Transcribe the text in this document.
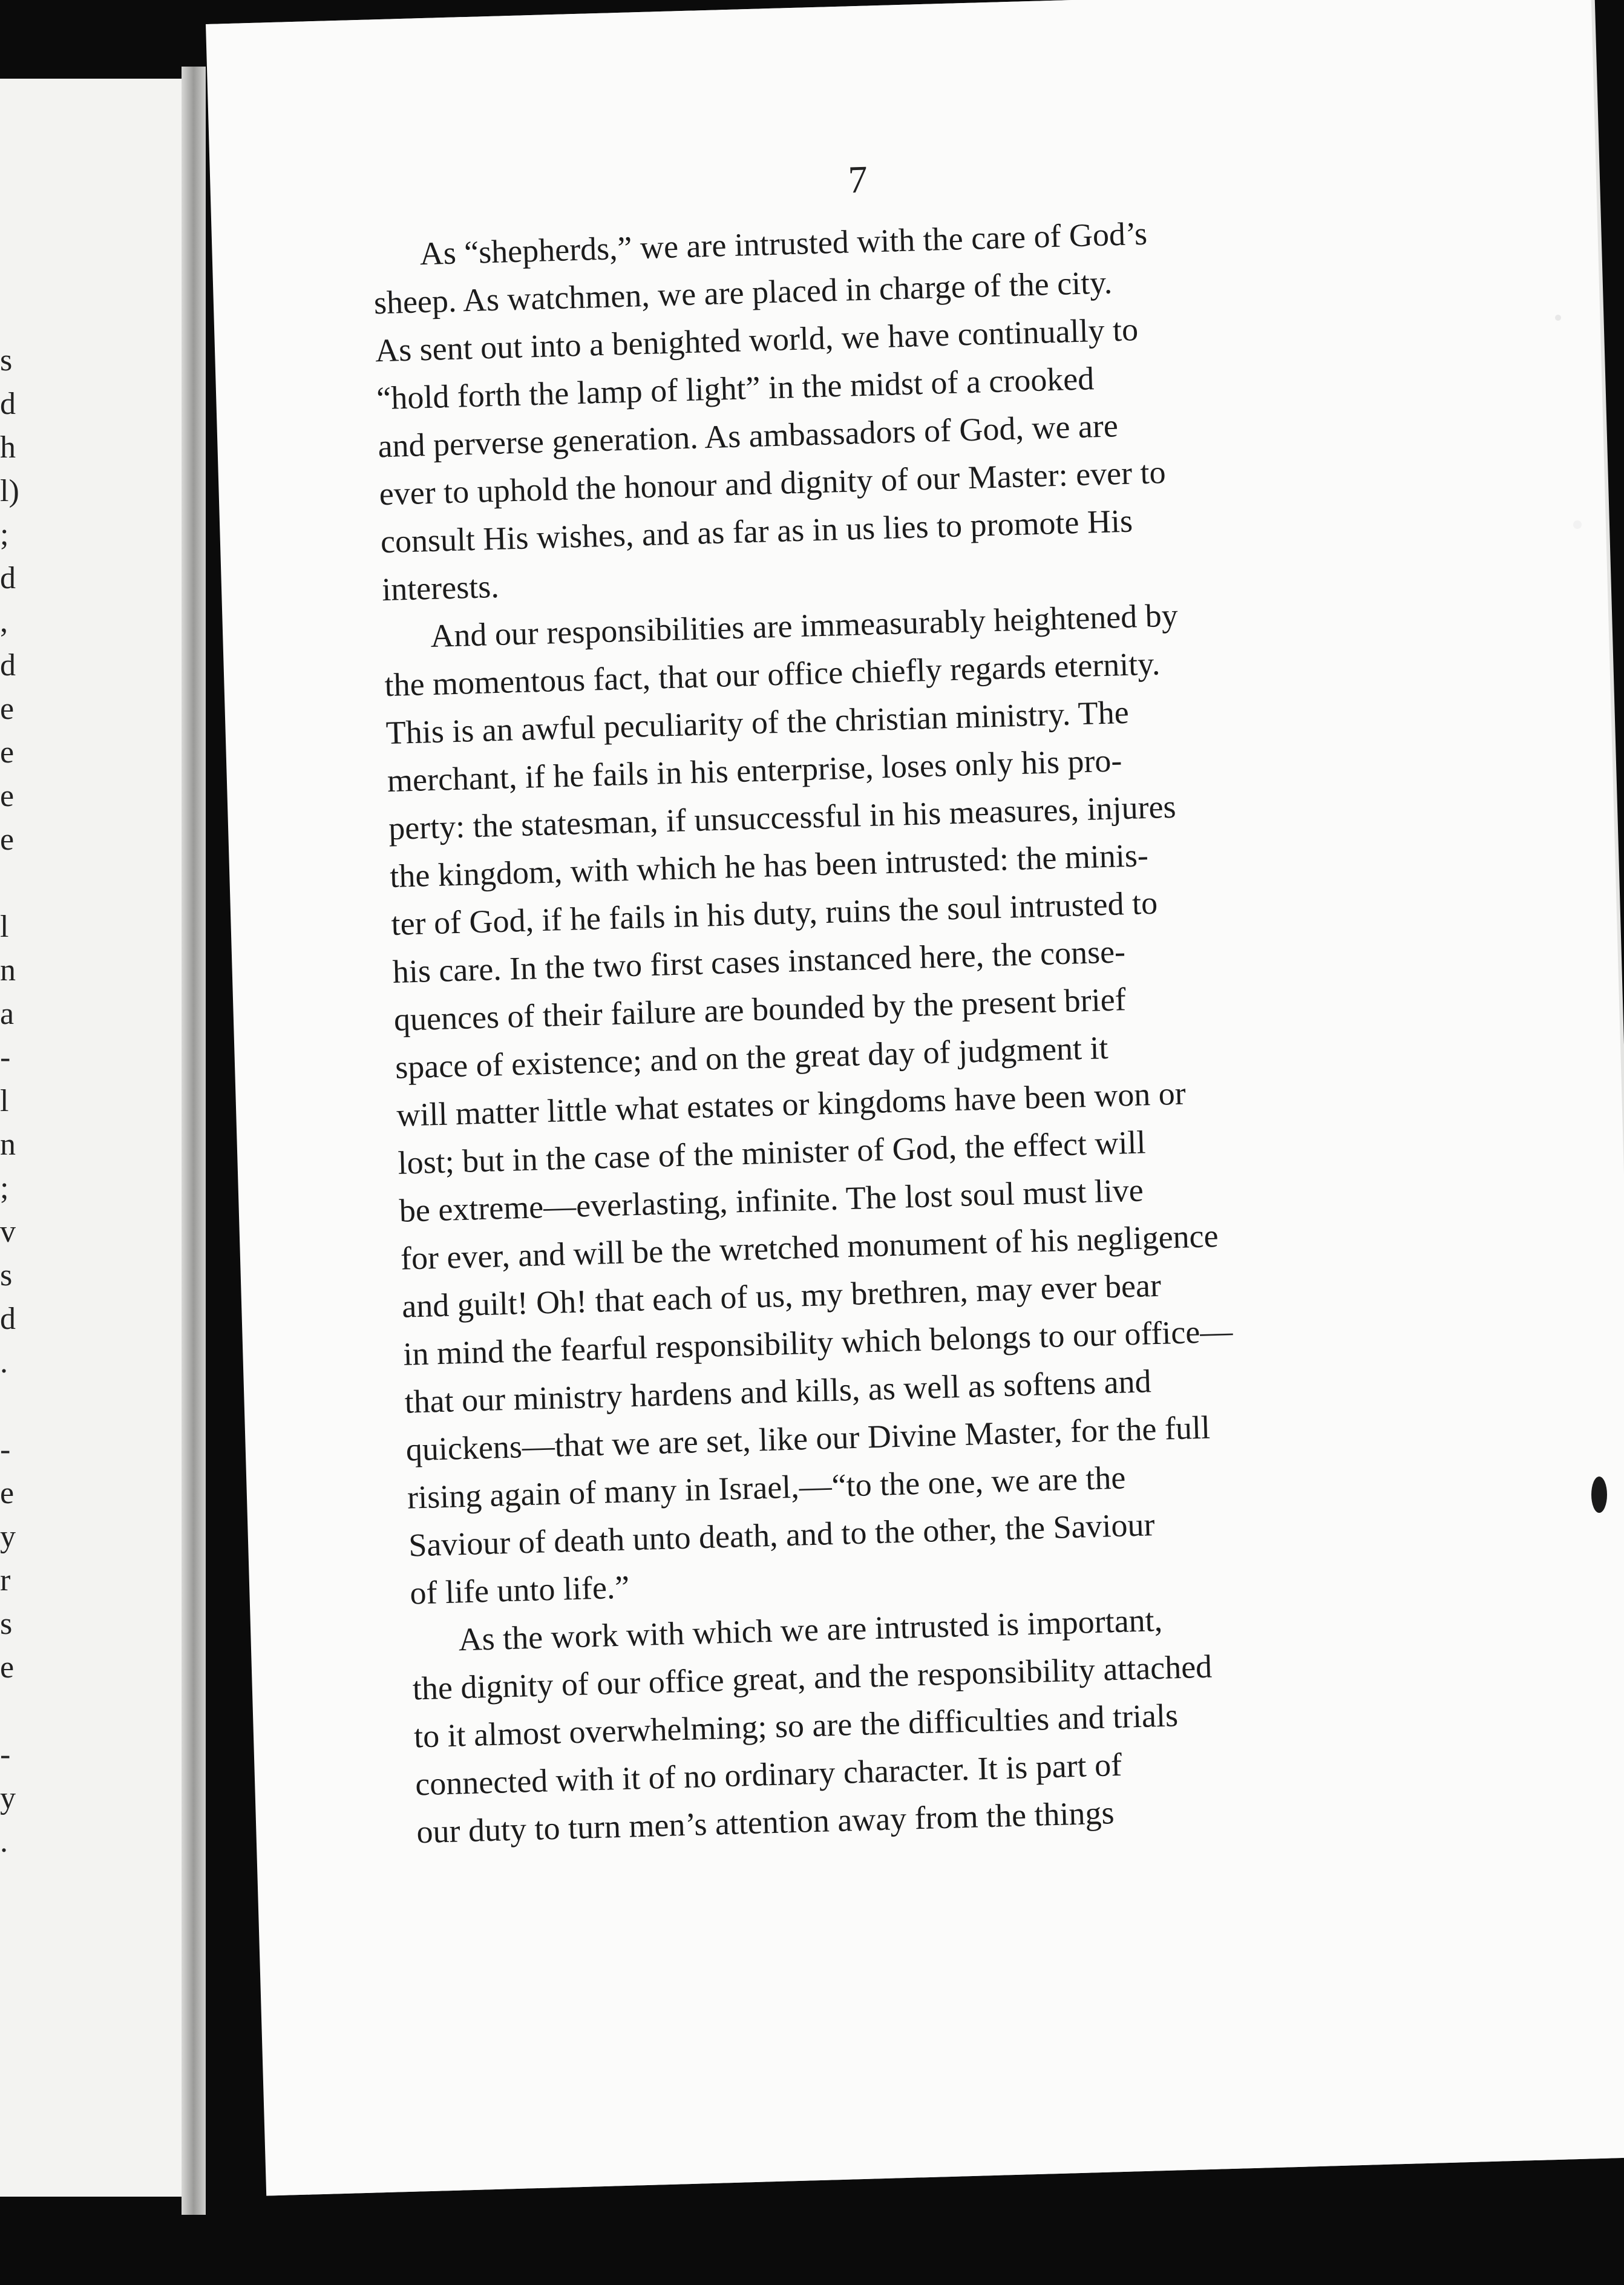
s
d
h
l)
;
d
,
d
e
e
e
e
l
n
a
-
l
n
;
v
s
d
.
-
e
y
r
s
e
-
y
.
7
As “shepherds,” we are intrusted with the care of God’s
sheep. As watchmen, we are placed in charge of the city.
As sent out into a benighted world, we have continually to
“hold forth the lamp of light” in the midst of a crooked
and perverse generation. As ambassadors of God, we are
ever to uphold the honour and dignity of our Master: ever to
consult His wishes, and as far as in us lies to promote His
interests.
And our responsibilities are immeasurably heightened by
the momentous fact, that our office chiefly regards eternity.
This is an awful peculiarity of the christian ministry. The
merchant, if he fails in his enterprise, loses only his pro-
perty: the statesman, if unsuccessful in his measures, injures
the kingdom, with which he has been intrusted: the minis-
ter of God, if he fails in his duty, ruins the soul intrusted to
his care. In the two first cases instanced here, the conse-
quences of their failure are bounded by the present brief
space of existence; and on the great day of judgment it
will matter little what estates or kingdoms have been won or
lost; but in the case of the minister of God, the effect will
be extreme—everlasting, infinite. The lost soul must live
for ever, and will be the wretched monument of his negligence
and guilt! Oh! that each of us, my brethren, may ever bear
in mind the fearful responsibility which belongs to our office—
that our ministry hardens and kills, as well as softens and
quickens—that we are set, like our Divine Master, for the full
rising again of many in Israel,—“to the one, we are the
Saviour of death unto death, and to the other, the Saviour
of life unto life.”
As the work with which we are intrusted is important,
the dignity of our office great, and the responsibility attached
to it almost overwhelming; so are the difficulties and trials
connected with it of no ordinary character. It is part of
our duty to turn men’s attention away from the things
